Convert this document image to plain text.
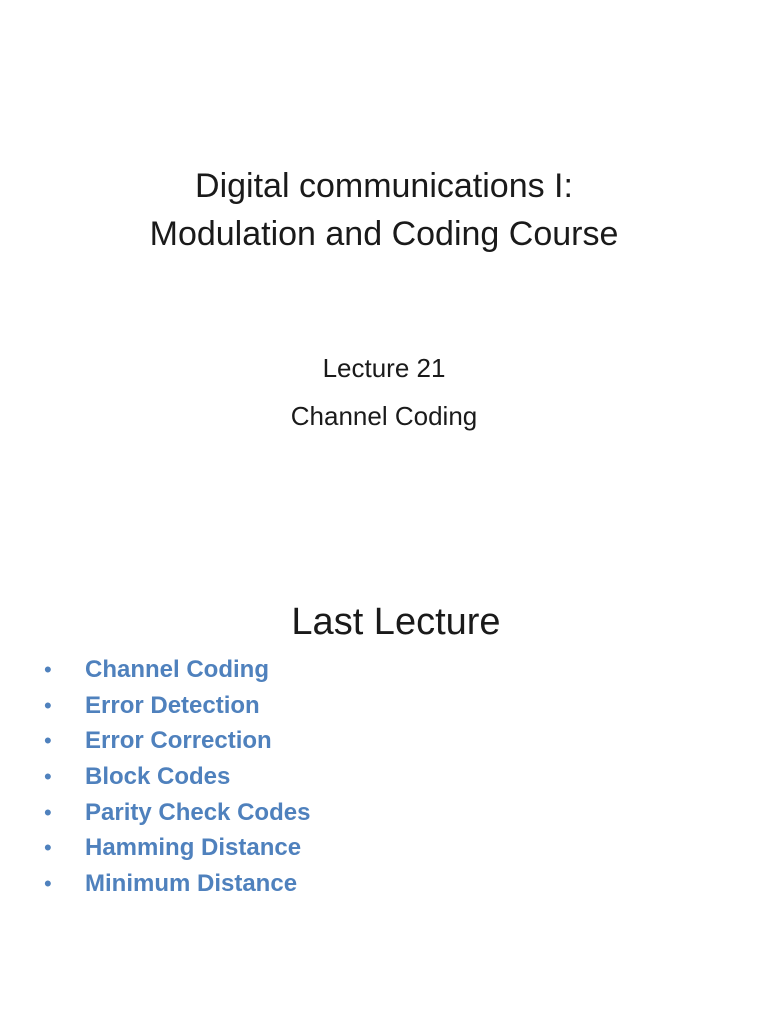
Digital communications I:
Modulation and Coding Course
Lecture 21
Channel Coding
Last Lecture
•	Channel Coding
•	Error Detection
•	Error Correction
•	Block Codes
•	Parity Check Codes
•	Hamming Distance
•	Minimum Distance
